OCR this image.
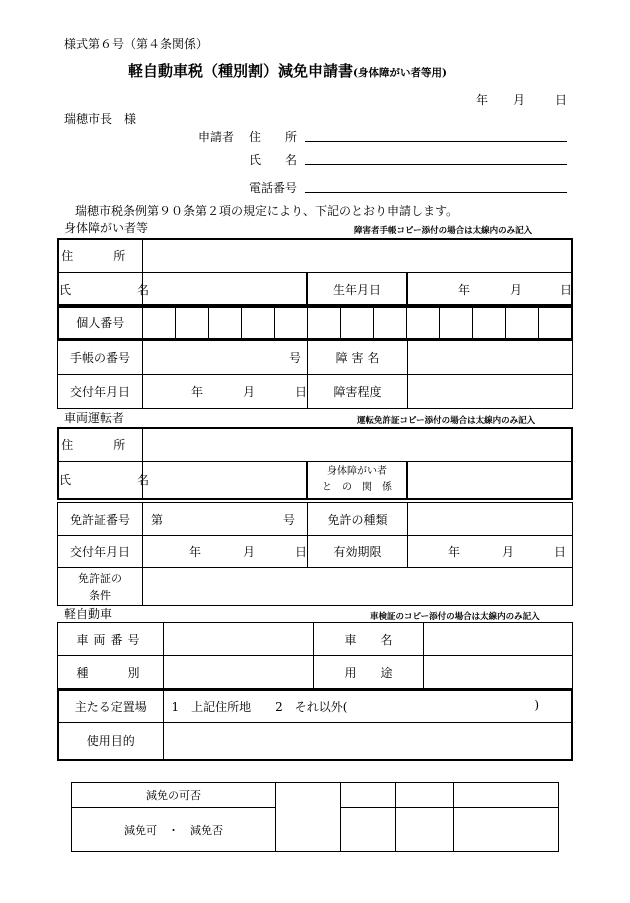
様式第６号（第４条関係）
軽自動車税（種別割）減免申請書(身体障がい者等用)
年 月 日
瑞穂市長　様
申請者 住　　所
氏　　名
電話番号
瑞穂市税条例第９０条第２項の規定により、下記のとおり申請します。
身体障がい者等	障害者手帳コピー添付の場合は太線内のみ記入
住　所			
氏　　名		生年月日	年 月 日
個人番号												
手帳の番号	号	障 害 名	
交付年月日	年 月 日	障害程度	
車両運転者	運転免許証コピー添付の場合は太線内のみ記入
住　所			
氏　　名		身体障がい者
と　の　関　係	

免許証番号	第 号	免許の種類	
交付年月日	年 月 日	有効期限	年 月 日

免許証の
条件			

軽自動車	車検証のコピー添付の場合は太線内のみ記入
車両番号		車　　名	
種　　別		用　　途	
主たる定置場	1　上記住所地　　2　それ以外( )

使用目的	
減免の可否				
減免可　・　減免否				
